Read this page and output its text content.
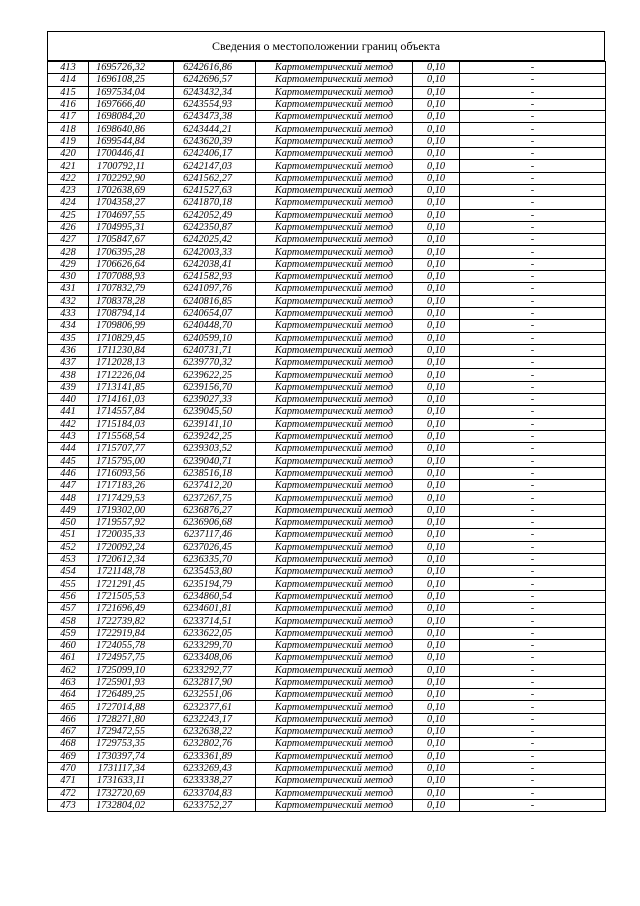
Сведения о местоположении границ объекта
413	1695726,32	6242616,86	Картометрический метод	0,10	-
414	1696108,25	6242696,57	Картометрический метод	0,10	-
415	1697534,04	6243432,34	Картометрический метод	0,10	-
416	1697666,40	6243554,93	Картометрический метод	0,10	-
417	1698084,20	6243473,38	Картометрический метод	0,10	-
418	1698640,86	6243444,21	Картометрический метод	0,10	-
419	1699544,84	6243620,39	Картометрический метод	0,10	-
420	1700446,41	6242406,17	Картометрический метод	0,10	-
421	1700792,11	6242147,03	Картометрический метод	0,10	-
422	1702292,90	6241562,27	Картометрический метод	0,10	-
423	1702638,69	6241527,63	Картометрический метод	0,10	-
424	1704358,27	6241870,18	Картометрический метод	0,10	-
425	1704697,55	6242052,49	Картометрический метод	0,10	-
426	1704995,31	6242350,87	Картометрический метод	0,10	-
427	1705847,67	6242025,42	Картометрический метод	0,10	-
428	1706395,28	6242003,33	Картометрический метод	0,10	-
429	1706626,64	6242038,41	Картометрический метод	0,10	-
430	1707088,93	6241582,93	Картометрический метод	0,10	-
431	1707832,79	6241097,76	Картометрический метод	0,10	-
432	1708378,28	6240816,85	Картометрический метод	0,10	-
433	1708794,14	6240654,07	Картометрический метод	0,10	-
434	1709806,99	6240448,70	Картометрический метод	0,10	-
435	1710829,45	6240599,10	Картометрический метод	0,10	-
436	1711230,84	6240731,71	Картометрический метод	0,10	-
437	1712028,13	6239770,32	Картометрический метод	0,10	-
438	1712226,04	6239622,25	Картометрический метод	0,10	-
439	1713141,85	6239156,70	Картометрический метод	0,10	-
440	1714161,03	6239027,33	Картометрический метод	0,10	-
441	1714557,84	6239045,50	Картометрический метод	0,10	-
442	1715184,03	6239141,10	Картометрический метод	0,10	-
443	1715568,54	6239242,25	Картометрический метод	0,10	-
444	1715707,77	6239303,52	Картометрический метод	0,10	-
445	1715795,00	6239040,71	Картометрический метод	0,10	-
446	1716093,56	6238516,18	Картометрический метод	0,10	-
447	1717183,26	6237412,20	Картометрический метод	0,10	-
448	1717429,53	6237267,75	Картометрический метод	0,10	-
449	1719302,00	6236876,27	Картометрический метод	0,10	-
450	1719557,92	6236906,68	Картометрический метод	0,10	-
451	1720035,33	6237117,46	Картометрический метод	0,10	-
452	1720092,24	6237026,45	Картометрический метод	0,10	-
453	1720612,34	6236335,70	Картометрический метод	0,10	-
454	1721148,78	6235453,80	Картометрический метод	0,10	-
455	1721291,45	6235194,79	Картометрический метод	0,10	-
456	1721505,53	6234860,54	Картометрический метод	0,10	-
457	1721696,49	6234601,81	Картометрический метод	0,10	-
458	1722739,82	6233714,51	Картометрический метод	0,10	-
459	1722919,84	6233622,05	Картометрический метод	0,10	-
460	1724055,78	6233299,70	Картометрический метод	0,10	-
461	1724957,75	6233408,06	Картометрический метод	0,10	-
462	1725099,10	6233292,77	Картометрический метод	0,10	-
463	1725901,93	6232817,90	Картометрический метод	0,10	-
464	1726489,25	6232551,06	Картометрический метод	0,10	-
465	1727014,88	6232377,61	Картометрический метод	0,10	-
466	1728271,80	6232243,17	Картометрический метод	0,10	-
467	1729472,55	6232638,22	Картометрический метод	0,10	-
468	1729753,35	6232802,76	Картометрический метод	0,10	-
469	1730397,74	6233361,89	Картометрический метод	0,10	-
470	1731117,34	6233269,43	Картометрический метод	0,10	-
471	1731633,11	6233338,27	Картометрический метод	0,10	-
472	1732720,69	6233704,83	Картометрический метод	0,10	-
473	1732804,02	6233752,27	Картометрический метод	0,10	-
